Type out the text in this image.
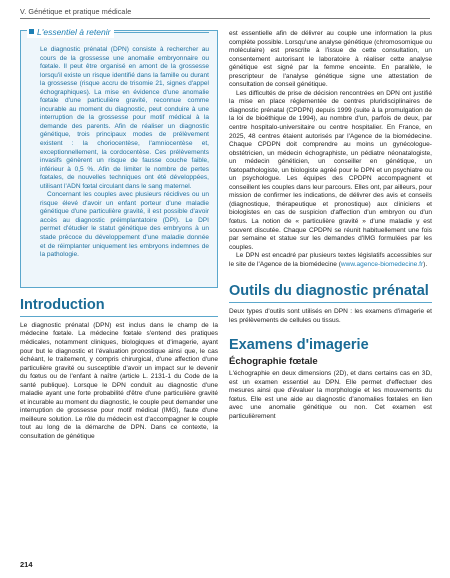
V. Génétique et pratique médicale
L'essentiel à retenir

Le diagnostic prénatal (DPN) consiste à rechercher au cours de la grossesse une anomalie embryonnaire ou fœtale. Il peut être organisé en amont de la grossesse lorsqu'il existe un risque identifié dans la famille ou durant la grossesse (risque accru de trisomie 21, signes d'appel échographiques). La mise en évidence d'une anomalie fœtale d'une particulière gravité, reconnue comme incurable au moment du diagnostic, peut conduire à une interruption de la grossesse pour motif médical à la demande des parents. Afin de réaliser un diagnostic génétique, trois principaux modes de prélèvement existent : la choriocentèse, l'amniocentèse et, exceptionnellement, la cordocentèse. Ces prélèvements invasifs génèrent un risque de fausse couche faible, inférieur à 0,5 %. Afin de limiter le nombre de pertes fœtales, de nouvelles techniques ont été développées, utilisant l'ADN fœtal circulant dans le sang maternel.

Concernant les couples avec plusieurs récidives ou un risque élevé d'avoir un enfant porteur d'une maladie génétique d'une particulière gravité, il est possible d'avoir accès au diagnostic préimplantatoire (DPI). Le DPI permet d'étudier le statut génétique des embryons à un stade précoce du développement d'une maladie donnée et de réimplanter uniquement les embryons indemnes de la pathologie.

Introduction

Le diagnostic prénatal (DPN) est inclus dans le champ de la médecine fœtale. La médecine fœtale s'entend des pratiques médicales, notamment cliniques, biologiques et d'imagerie, ayant pour but le diagnostic et l'évaluation pronostique ainsi que, le cas échéant, le traitement, y compris chirurgical, d'une affection d'une particulière gravité ou susceptible d'avoir un impact sur le devenir du fœtus ou de l'enfant à naître (article L. 2131-1 du Code de la santé publique). Lorsque le DPN conduit au diagnostic d'une maladie ayant une forte probabilité d'être d'une particulière gravité et incurable au moment du diagnostic, le couple peut demander une interruption de grossesse pour motif médical (IMG), faute d'une meilleure solution. Le rôle du médecin est d'accompagner le couple tout au long de la démarche de DPN. Dans ce contexte, la consultation de génétique

est essentielle afin de délivrer au couple une information la plus complète possible. Lorsqu'une analyse génétique (chromosomique ou moléculaire) est prescrite à l'issue de cette consultation, un consentement autorisant le laboratoire à réaliser cette analyse génétique est signé par la femme enceinte. En parallèle, le prescripteur de l'analyse génétique signe une attestation de consultation de conseil génétique.

Les difficultés de prise de décision rencontrées en DPN ont justifié la mise en place réglementée de centres pluridisciplinaires de diagnostic prénatal (CPDPN) depuis 1999 (suite à la promulgation de la loi de bioéthique de 1994), au nombre d'un, parfois de deux, par centre hospitalo-universitaire ou centre hospitalier. En France, en 2025, 48 centres étaient autorisés par l'Agence de la biomédecine. Chaque CPDPN doit comprendre au moins un gynécologue-obstétricien, un médecin échographiste, un pédiatre néonatalogiste, un médecin généticien, un conseiller en génétique, un fœtopathologiste, un biologiste agréé pour le DPN et un psychiatre ou un psychologue. Les équipes des CPDPN accompagnent et conseillent les couples dans leur parcours. Elles ont, par ailleurs, pour mission de confirmer les indications, de délivrer des avis et conseils (diagnostique, thérapeutique et pronostique) aux cliniciens et biologistes en cas de suspicion d'affection d'un embryon ou d'un fœtus. La notion de « particulière gravité » d'une maladie y est souvent discutée. Chaque CPDPN se réunit habituellement une fois par semaine et statue sur les demandes d'IMG formulées par les couples.

Le DPN est encadré par plusieurs textes législatifs accessibles sur le site de l'Agence de la biomédecine (www.agence-biomedecine.fr).

Outils du diagnostic prénatal

Deux types d'outils sont utilisés en DPN : les examens d'imagerie et les prélèvements de cellules ou tissus.

Examens d'imagerie
Échographie fœtale

L'échographie en deux dimensions (2D), et dans certains cas en 3D, est un examen essentiel au DPN. Elle permet d'effectuer des mesures ainsi que d'évaluer la morphologie et les mouvements du fœtus. Elle est une aide au diagnostic d'anomalies fœtales en lien avec une anomalie génétique ou non. Cet examen est particulièrement

214
